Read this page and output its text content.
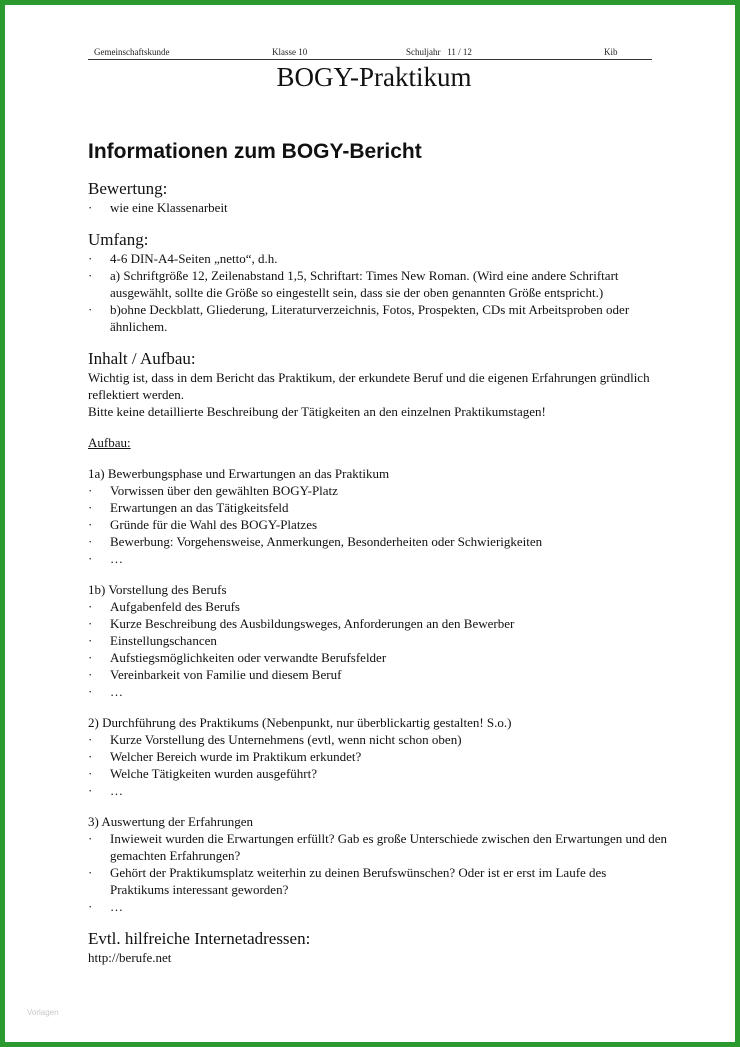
Gemeinschaftskunde	Klasse 10	Schuljahr   11 / 12	Kib
BOGY-Praktikum
Informationen zum BOGY-Bericht
Bewertung:
· wie eine Klassenarbeit
Umfang:
· 4-6 DIN-A4-Seiten „netto“, d.h.
· a) Schriftgröße 12, Zeilenabstand 1,5, Schriftart: Times New Roman. (Wird eine andere Schriftart ausgewählt, sollte die Größe so eingestellt sein, dass sie der oben genannten Größe entspricht.)
· b)ohne Deckblatt, Gliederung, Literaturverzeichnis, Fotos, Prospekten, CDs mit Arbeitsproben oder ähnlichem.
Inhalt / Aufbau:

Wichtig ist, dass in dem Bericht das Praktikum, der erkundete Beruf und die eigenen Erfahrungen gründlich reflektiert werden.

Bitte keine detaillierte Beschreibung der Tätigkeiten an den einzelnen Praktikumstagen!

Aufbau:

1a) Bewerbungsphase und Erwartungen an das Praktikum

· Vorwissen über den gewählten BOGY-Platz
· Erwartungen an das Tätigkeitsfeld
· Gründe für die Wahl des BOGY-Platzes
· Bewerbung: Vorgehensweise, Anmerkungen, Besonderheiten oder Schwierigkeiten
· …

1b) Vorstellung des Berufs

· Aufgabenfeld des Berufs
· Kurze Beschreibung des Ausbildungsweges, Anforderungen an den Bewerber
· Einstellungschancen
· Aufstiegsmöglichkeiten oder verwandte Berufsfelder
· Vereinbarkeit von Familie und diesem Beruf
· …

2) Durchführung des Praktikums (Nebenpunkt, nur überblickartig gestalten! S.o.)

· Kurze Vorstellung des Unternehmens (evtl, wenn nicht schon oben)
· Welcher Bereich wurde im Praktikum erkundet?
· Welche Tätigkeiten wurden ausgeführt?
· …

3) Auswertung der Erfahrungen

· Inwieweit wurden die Erwartungen erfüllt? Gab es große Unterschiede zwischen den Erwartungen und den gemachten Erfahrungen?
· Gehört der Praktikumsplatz weiterhin zu deinen Berufswünschen? Oder ist er erst im Laufe des Praktikums interessant geworden?
· …
Evtl. hilfreiche Internetadressen:

http://berufe.net

Vorlagen
